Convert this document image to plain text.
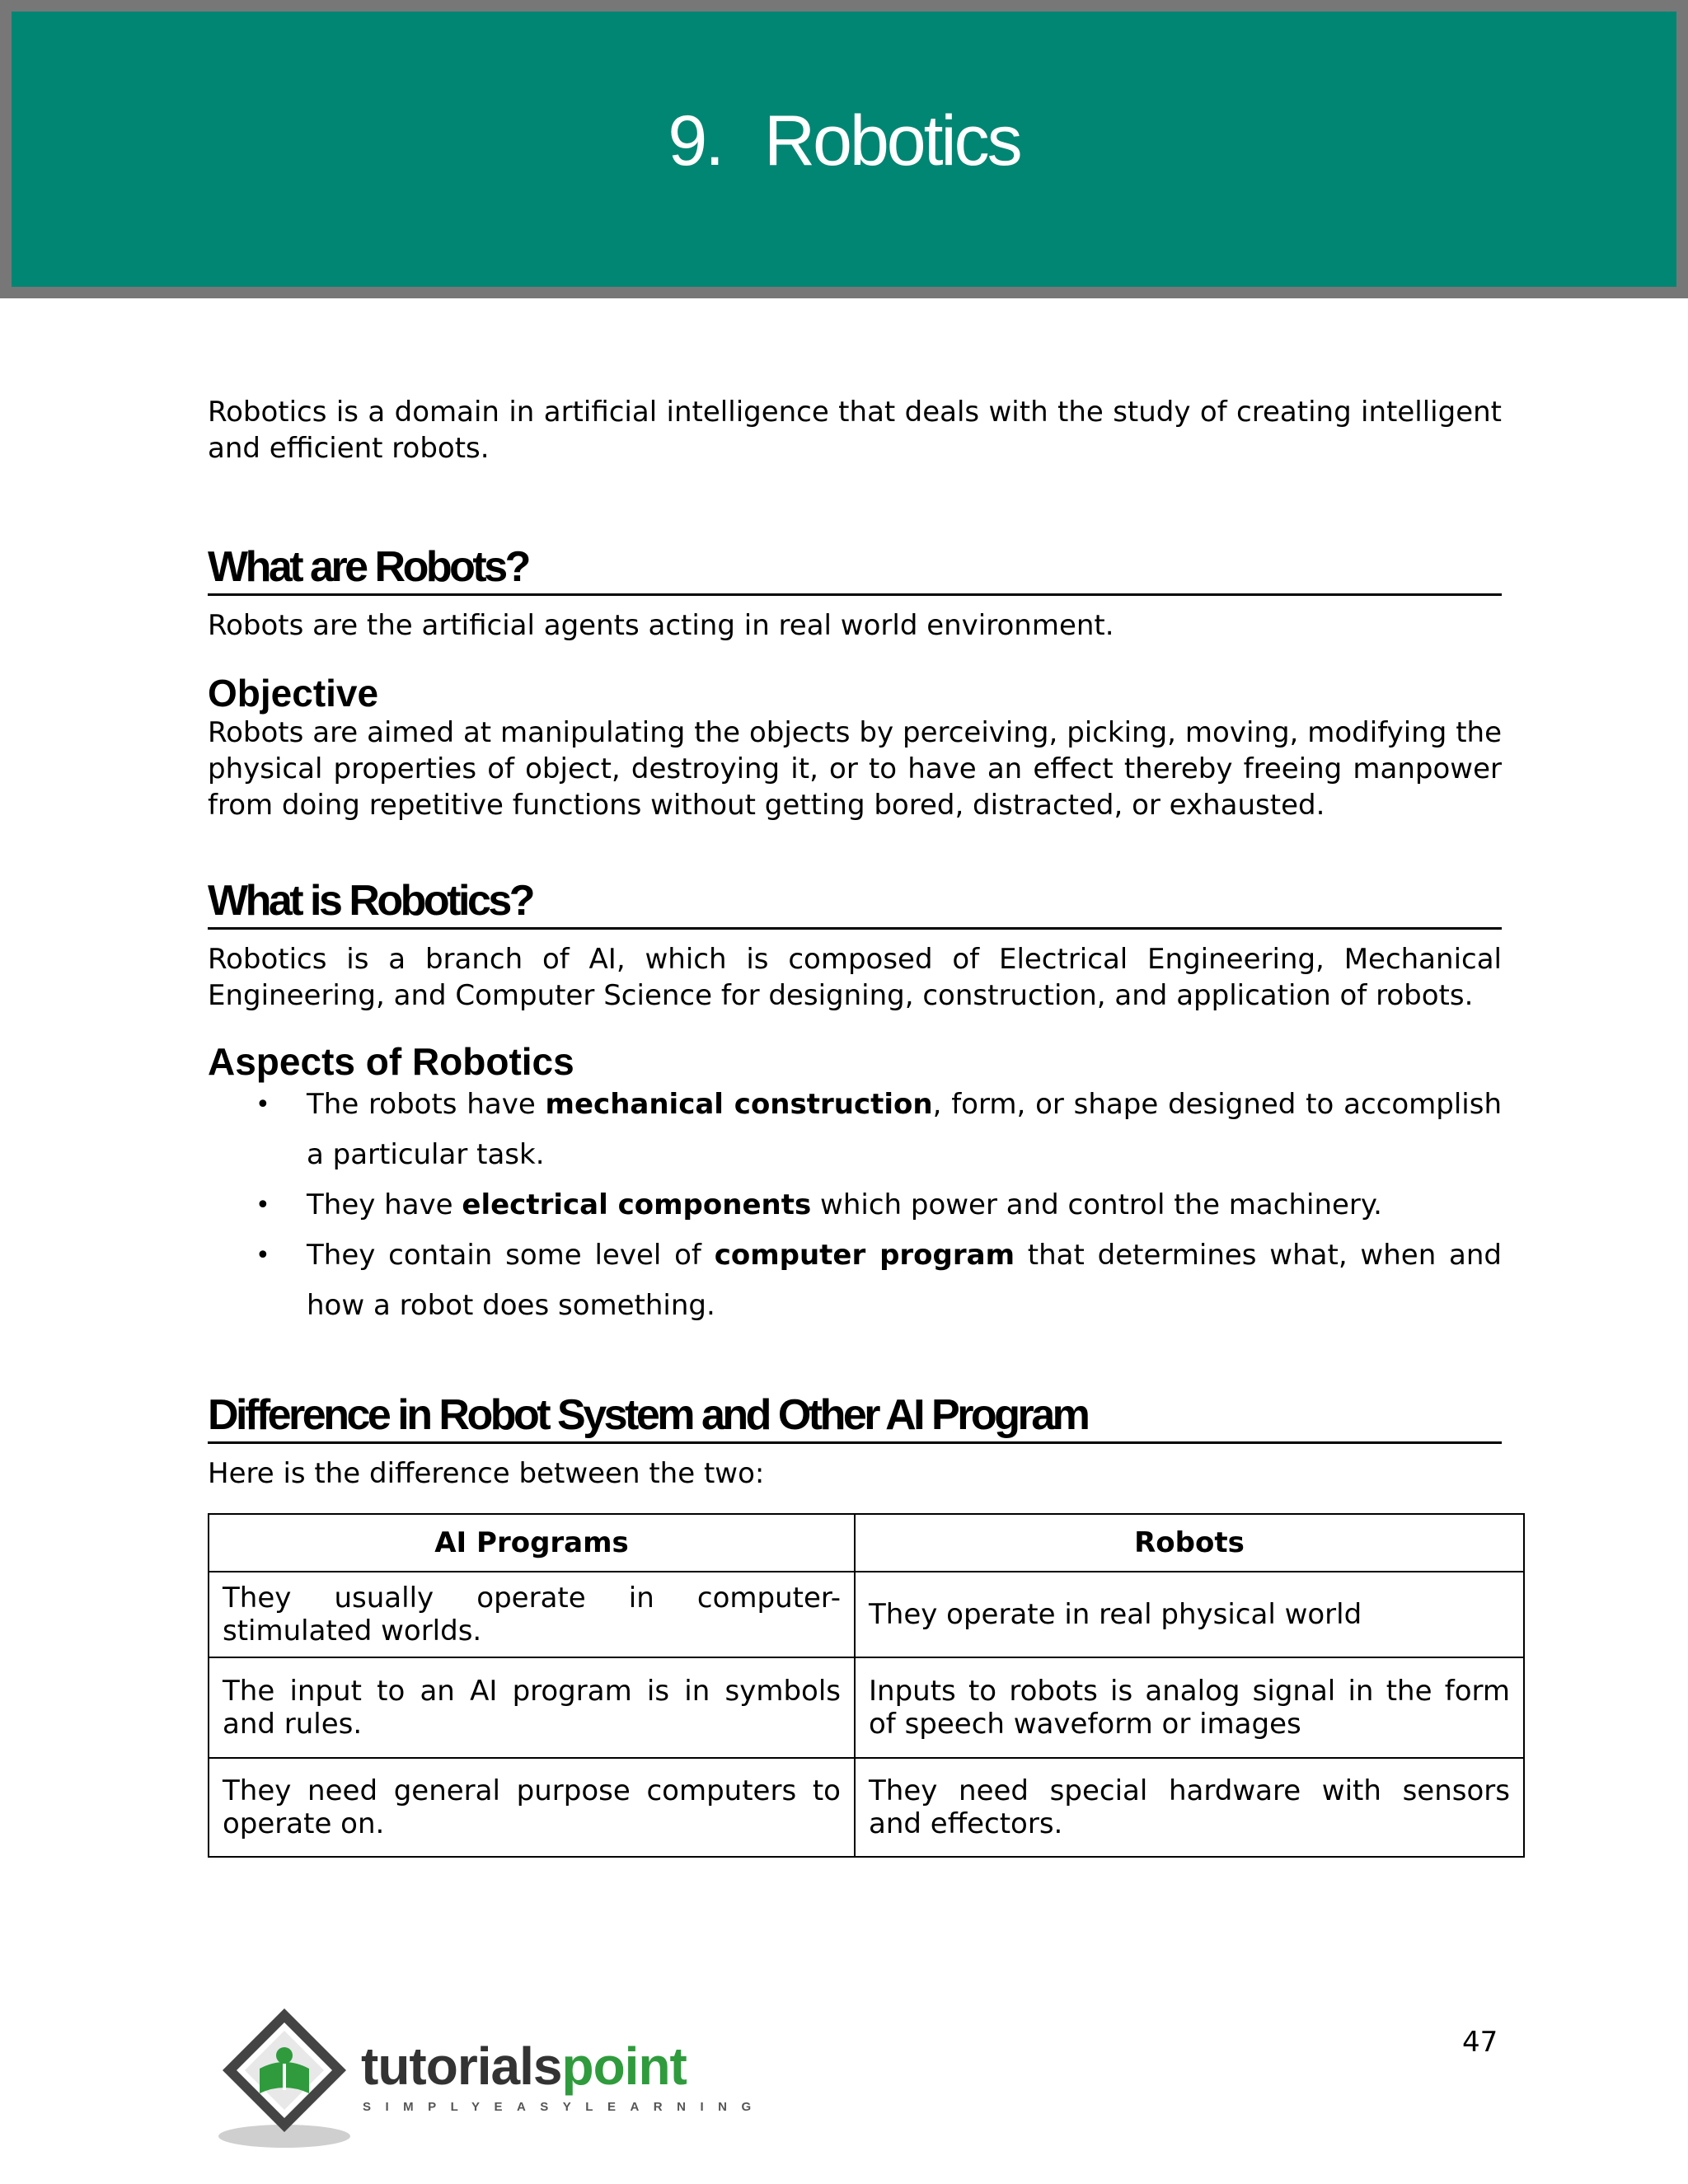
9. Robotics

Robotics is a domain in artificial intelligence that deals with the study of creating intelligent and efficient robots.

What are Robots?

Robots are the artificial agents acting in real world environment.

Objective

Robots are aimed at manipulating the objects by perceiving, picking, moving, modifying the physical properties of object, destroying it, or to have an effect thereby freeing manpower from doing repetitive functions without getting bored, distracted, or exhausted.

What is Robotics?

Robotics is a branch of AI, which is composed of Electrical Engineering, Mechanical Engineering, and Computer Science for designing, construction, and application of robots.

Aspects of Robotics
• The robots have mechanical construction, form, or shape designed to accomplish a particular task.
• They have electrical components which power and control the machinery.
• They contain some level of computer program that determines what, when and how a robot does something.
Difference in Robot System and Other AI Program

Here is the difference between the two:

AI Programs	Robots
They usually operate in computer-stimulated worlds.	They operate in real physical world
The input to an AI program is in symbols and rules.	Inputs to robots is analog signal in the form of speech waveform or images
They need general purpose computers to operate on.	They need special hardware with sensors and effectors.
tutorialspoint
SIMPLYEASYLEARNING
47
